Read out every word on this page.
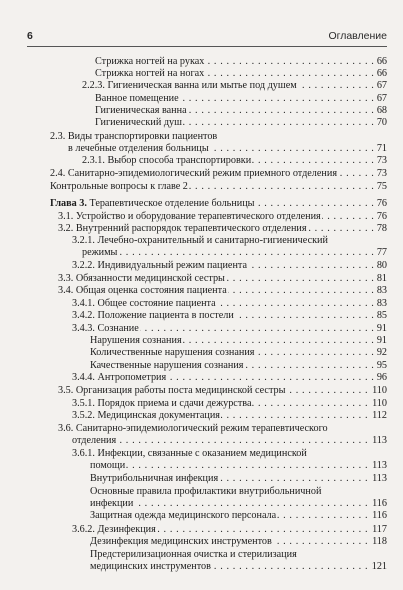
6	Оглавление
. . .
Стрижка ногтей на руках	66
. . .
Стрижка ногтей на ногах	66
. . .
2.2.3. Гигиеническая ванна или мытье под душем	67
. . .
Ванное помещение	67
. . .
Гигиеническая ванна	68
. . .
Гигиенический душ	70
2.3. Виды транспортировки пациентов
. . .
в лечебные отделения больницы	71
. . .
2.3.1. Выбор способа транспортировки	73
. . .
2.4. Санитарно-эпидемиологический режим приемного отделения	73
. . .
Контрольные вопросы к главе 2	75
. . .
Глава 3. Терапевтическое отделение больницы	76
. . .
3.1. Устройство и оборудование терапевтического отделения	76
. . .
3.2. Внутренний распорядок терапевтического отделения	78
3.2.1. Лечебно-охранительный и санитарно-гигиенический
. . .
режимы	77
. . .
3.2.2. Индивидуальный режим пациента	80
. . .
3.3. Обязанности медицинской сестры	81
. . .
3.4. Общая оценка состояния пациента	83
. . .
3.4.1. Общее состояние пациента	83
. . .
3.4.2. Положение пациента в постели	85
. . .
3.4.3. Сознание	91
. . .
Нарушения сознания	91
. . .
Количественные нарушения сознания	92
. . .
Качественные нарушения сознания	95
. . .
3.4.4. Антропометрия	96
. . .
3.5. Организация работы поста медицинской сестры	110
. . .
3.5.1. Порядок приема и сдачи дежурства	110
. . .
3.5.2. Медицинская документация	112
3.6. Санитарно-эпидемиологический режим терапевтического
. . .
отделения	113
3.6.1. Инфекции, связанные с оказанием медицинской
. . .
помощи	113
. . .
Внутрибольничная инфекция	113
Основные правила профилактики внутрибольничной
. . .
инфекции	116
. . .
Защитная одежда медицинского персонала	116
. . .
3.6.2. Дезинфекция	117
. . .
Дезинфекция медицинских инструментов	118
Предстерилизационная очистка и стерилизация
. . .
медицинских инструментов	121
